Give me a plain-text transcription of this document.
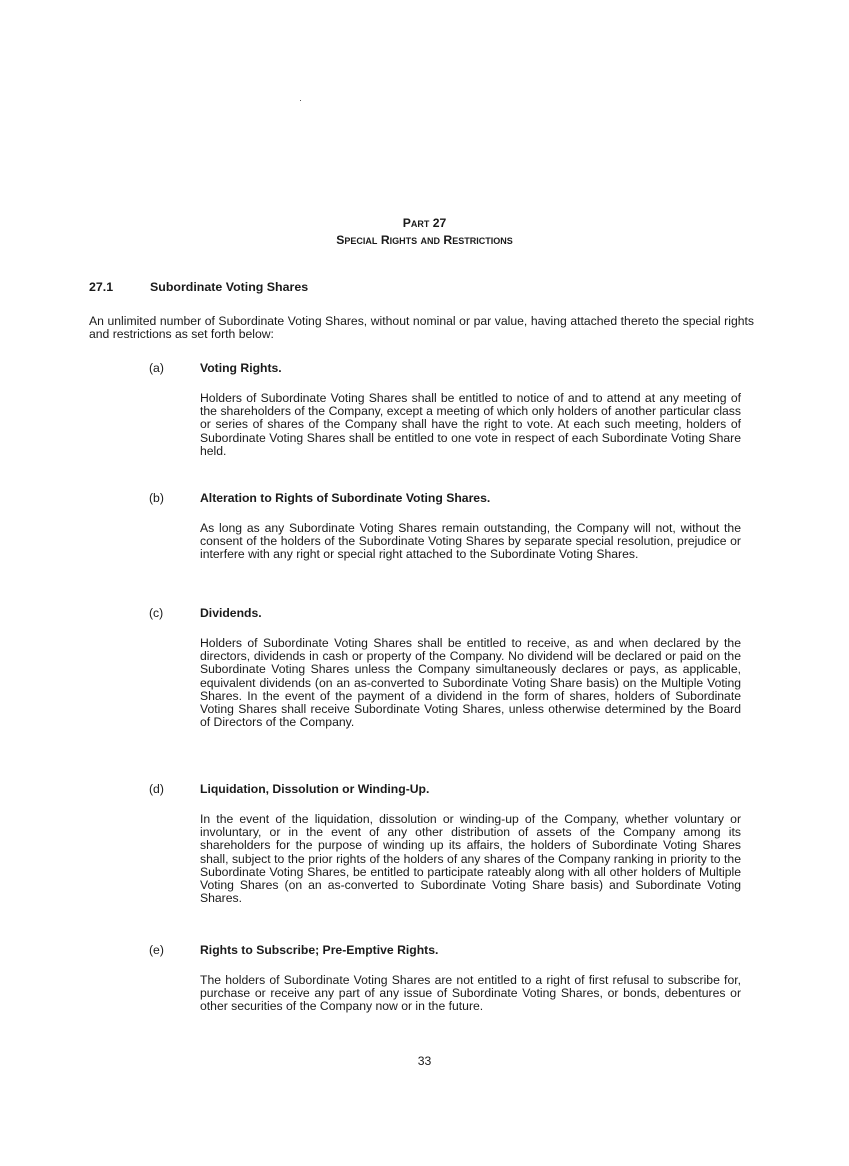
Part 27
Special Rights and Restrictions
27.1	Subordinate Voting Shares
An unlimited number of Subordinate Voting Shares, without nominal or par value, having attached thereto the special rights and restrictions as set forth below:
(a)	Voting Rights.
Holders of Subordinate Voting Shares shall be entitled to notice of and to attend at any meeting of the shareholders of the Company, except a meeting of which only holders of another particular class or series of shares of the Company shall have the right to vote. At each such meeting, holders of Subordinate Voting Shares shall be entitled to one vote in respect of each Subordinate Voting Share held.
(b)	Alteration to Rights of Subordinate Voting Shares.
As long as any Subordinate Voting Shares remain outstanding, the Company will not, without the consent of the holders of the Subordinate Voting Shares by separate special resolution, prejudice or interfere with any right or special right attached to the Subordinate Voting Shares.
(c)	Dividends.
Holders of Subordinate Voting Shares shall be entitled to receive, as and when declared by the directors, dividends in cash or property of the Company. No dividend will be declared or paid on the Subordinate Voting Shares unless the Company simultaneously declares or pays, as applicable, equivalent dividends (on an as-converted to Subordinate Voting Share basis) on the Multiple Voting Shares. In the event of the payment of a dividend in the form of shares, holders of Subordinate Voting Shares shall receive Subordinate Voting Shares, unless otherwise determined by the Board of Directors of the Company.
(d)	Liquidation, Dissolution or Winding-Up.
In the event of the liquidation, dissolution or winding-up of the Company, whether voluntary or involuntary, or in the event of any other distribution of assets of the Company among its shareholders for the purpose of winding up its affairs, the holders of Subordinate Voting Shares shall, subject to the prior rights of the holders of any shares of the Company ranking in priority to the Subordinate Voting Shares, be entitled to participate rateably along with all other holders of Multiple Voting Shares (on an as-converted to Subordinate Voting Share basis) and Subordinate Voting Shares.
(e)	Rights to Subscribe; Pre-Emptive Rights.
The holders of Subordinate Voting Shares are not entitled to a right of first refusal to subscribe for, purchase or receive any part of any issue of Subordinate Voting Shares, or bonds, debentures or other securities of the Company now or in the future.
33
